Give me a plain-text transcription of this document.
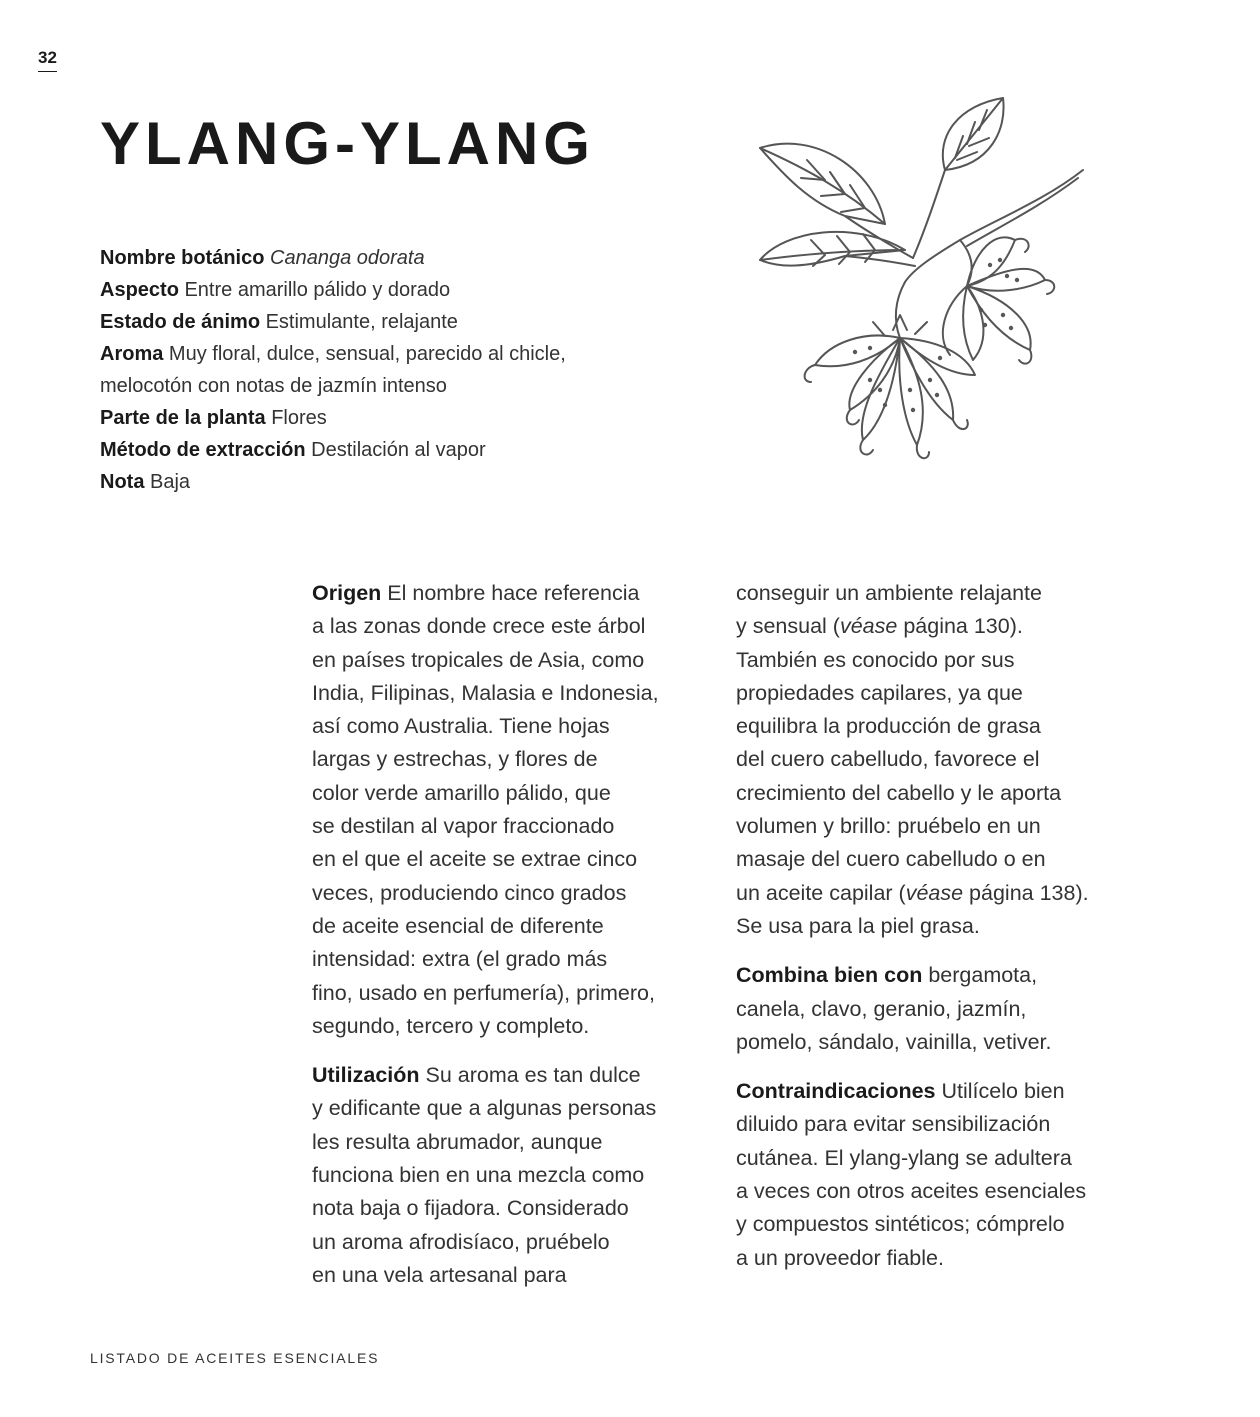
32
YLANG-YLANG
Nombre botánico Cananga odorata
Aspecto Entre amarillo pálido y dorado
Estado de ánimo Estimulante, relajante
Aroma Muy floral, dulce, sensual, parecido al chicle,
melocotón con notas de jazmín intenso
Parte de la planta Flores
Método de extracción Destilación al vapor
Nota Baja

Origen El nombre hace referencia
a las zonas donde crece este árbol
en países tropicales de Asia, como
India, Filipinas, Malasia e Indonesia,
así como Australia. Tiene hojas
largas y estrechas, y flores de
color verde amarillo pálido, que
se destilan al vapor fraccionado
en el que el aceite se extrae cinco
veces, produciendo cinco grados
de aceite esencial de diferente
intensidad: extra (el grado más
fino, usado en perfumería), primero,
segundo, tercero y completo.

Utilización Su aroma es tan dulce
y edificante que a algunas personas
les resulta abrumador, aunque
funciona bien en una mezcla como
nota baja o fijadora. Considerado
un aroma afrodisíaco, pruébelo
en una vela artesanal para

conseguir un ambiente relajante
y sensual (véase página 130).
También es conocido por sus
propiedades capilares, ya que
equilibra la producción de grasa
del cuero cabelludo, favorece el
crecimiento del cabello y le aporta
volumen y brillo: pruébelo en un
masaje del cuero cabelludo o en
un aceite capilar (véase página 138).
Se usa para la piel grasa.

Combina bien con bergamota,
canela, clavo, geranio, jazmín,
pomelo, sándalo, vainilla, vetiver.

Contraindicaciones Utilícelo bien
diluido para evitar sensibilización
cutánea. El ylang-ylang se adultera
a veces con otros aceites esenciales
y compuestos sintéticos; cómprelo
a un proveedor fiable.

LISTADO DE ACEITES ESENCIALES
